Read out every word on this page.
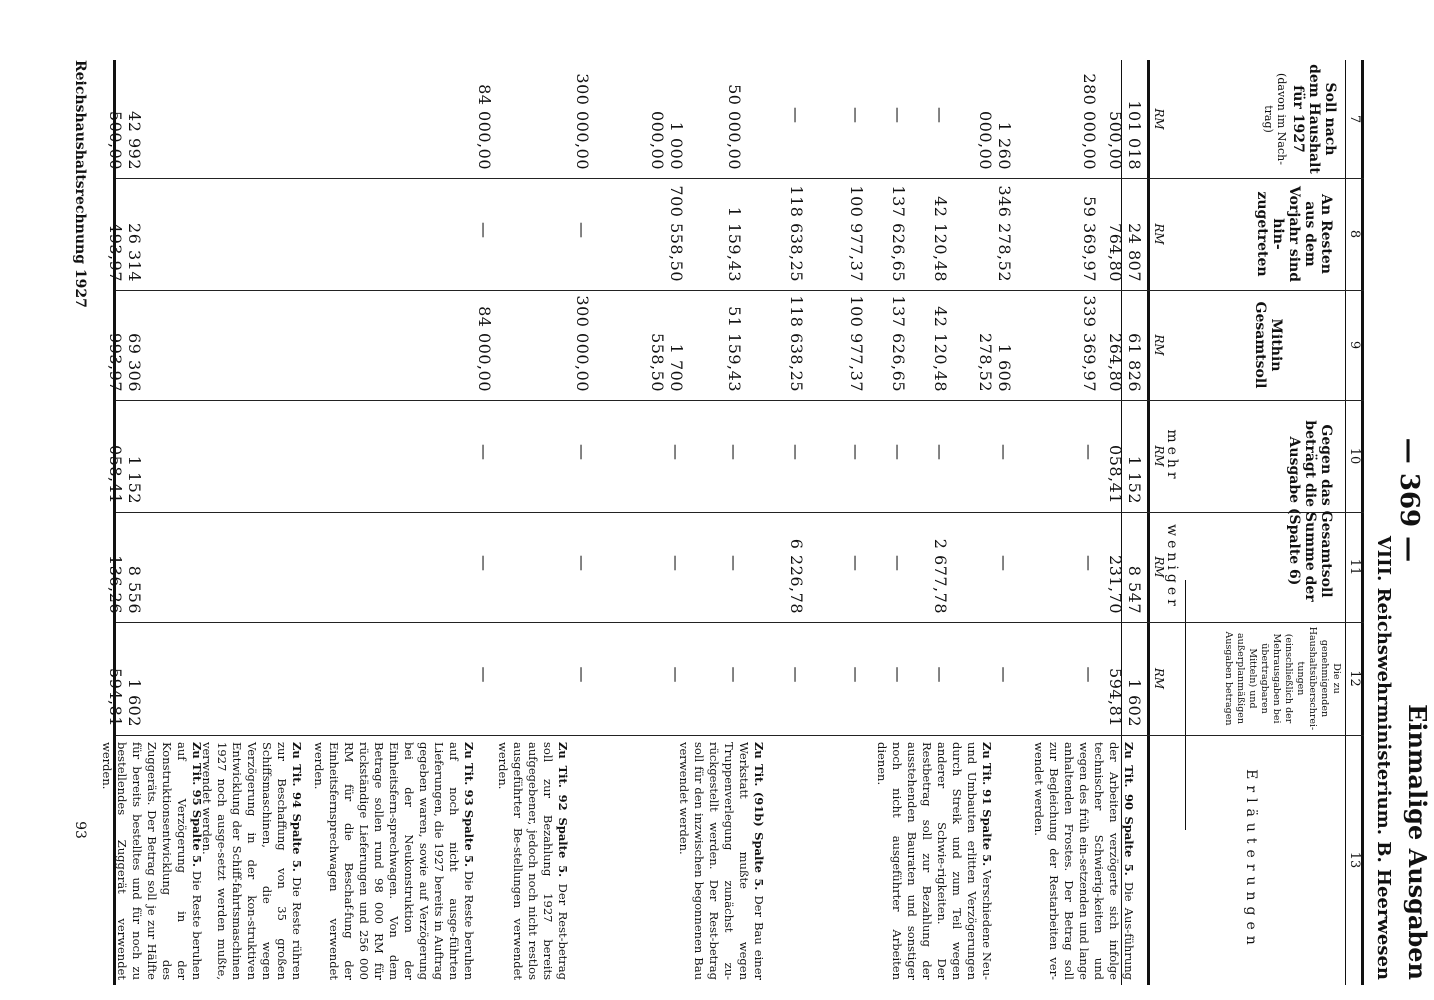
— 369 —
Einmalige Ausgaben
VIII. Reichswehrministerium. B. Heerwesen
7
8
9
10
11
12
13
Soll nach dem Haushalt für 1927
(davon im Nach-trag)
An Resten aus dem Vorjahr sind hin-zugetreten
Mithin Gesamtsoll
Gegen das Gesamtsoll beträgt die Summe der Ausgabe (Spalte 6)
mehr
weniger
Die zu genehmigenden Haushaltsüberschrei-tungen (einschließlich der Mehrausgaben bei übertragbaren Mitteln) und außerplanmäßigen Ausgaben betragen
Erläuterungen
RM
RM
RM
RM
RM
RM
101 018 500,00
24 807 764,80
61 826 264,80
1 152 058,41
8 547 231,70
1 602 594,81
280 000,00
59 369,97
339 369,97
—
—
—
1 260 000,00
346 278,52
1 606 278,52
—
—
—
—
42 120,48
42 120,48
—
2 677,78
—
—
137 626,65
137 626,65
—
—
—
—
100 977,37
100 977,37
—
—
—
—
118 638,25
118 638,25
—
6 226,78
—
50 000,00
1 159,43
51 159,43
—
—
—
1 000 000,00
700 558,50
1 700 558,50
—
—
—
300 000,00
—
300 000,00
—
—
—
84 000,00
—
84 000,00
—
—
—
42 992 500,00
26 314 493,97
69 306 993,97
1 152 058,41
8 556 136,26
1 602 594,81
Zu Tit. 90 Spalte 5. Die Aus-führung der Arbeiten verzögerte sich infolge technischer Schwierig-keiten und wegen des früh ein-setzenden und lange anhaltenden Frostes. Der Betrag soll zur Begleichung der Restarbeiten ver-wendet werden.
Zu Tit. 91 Spalte 5. Verschiedene Neu- und Umbauten erlitten Verzögerungen durch Streik und zum Teil wegen anderer Schwie-rigkeiten. Der Restbetrag soll zur Bezahlung der ausstehenden Bauraten und sonstiger noch nicht ausgeführter Arbeiten dienen.
Zu Tit. (91b) Spalte 5. Der Bau einer Werkstatt mußte wegen Truppenverlegung zunächst zu-rückgestellt werden. Der Rest-betrag soll für den inzwischen begonnenen Bau verwendet werden.
Zu Tit. 92 Spalte 5. Der Rest-betrag soll zur Bezahlung 1927 bereits aufgegebener, jedoch noch nicht restlos ausgeführter Be-stellungen verwendet werden.
Zu Tit. 93 Spalte 5. Die Reste beruhen auf noch nicht ausge-führten Lieferungen, die 1927 bereits in Auftrag gegeben waren, sowie auf Verzögerung bei der Neukonstruktion der Einheitsfern-sprechwagen. Von dem Betrage sollen rund 98 000 RM für rückständige Lieferungen und 256 000 RM für die Beschaf-fung der Einheitsfernsprechwagen verwendet werden.
Zu Tit. 94 Spalte 5. Die Reste rühren zur Beschaffung von 35 großen Schiffsmaschinen, die wegen Verzögerung in der kon-struktiven Entwicklung der Schiff-fahrtsmaschinen 1927 noch ausge-setzt werden mußte, verwendet werden.
Zu Tit. 95 Spalte 5. Die Reste beruhen auf Verzögerung in der Konstruktionsentwicklung des Zuggeräts. Der Betrag soll je zur Hälfte für bereits bestelltes und für noch zu bestellendes Zuggerät verwendet werden.
Reichshaushaltsrechnung 1927
93
